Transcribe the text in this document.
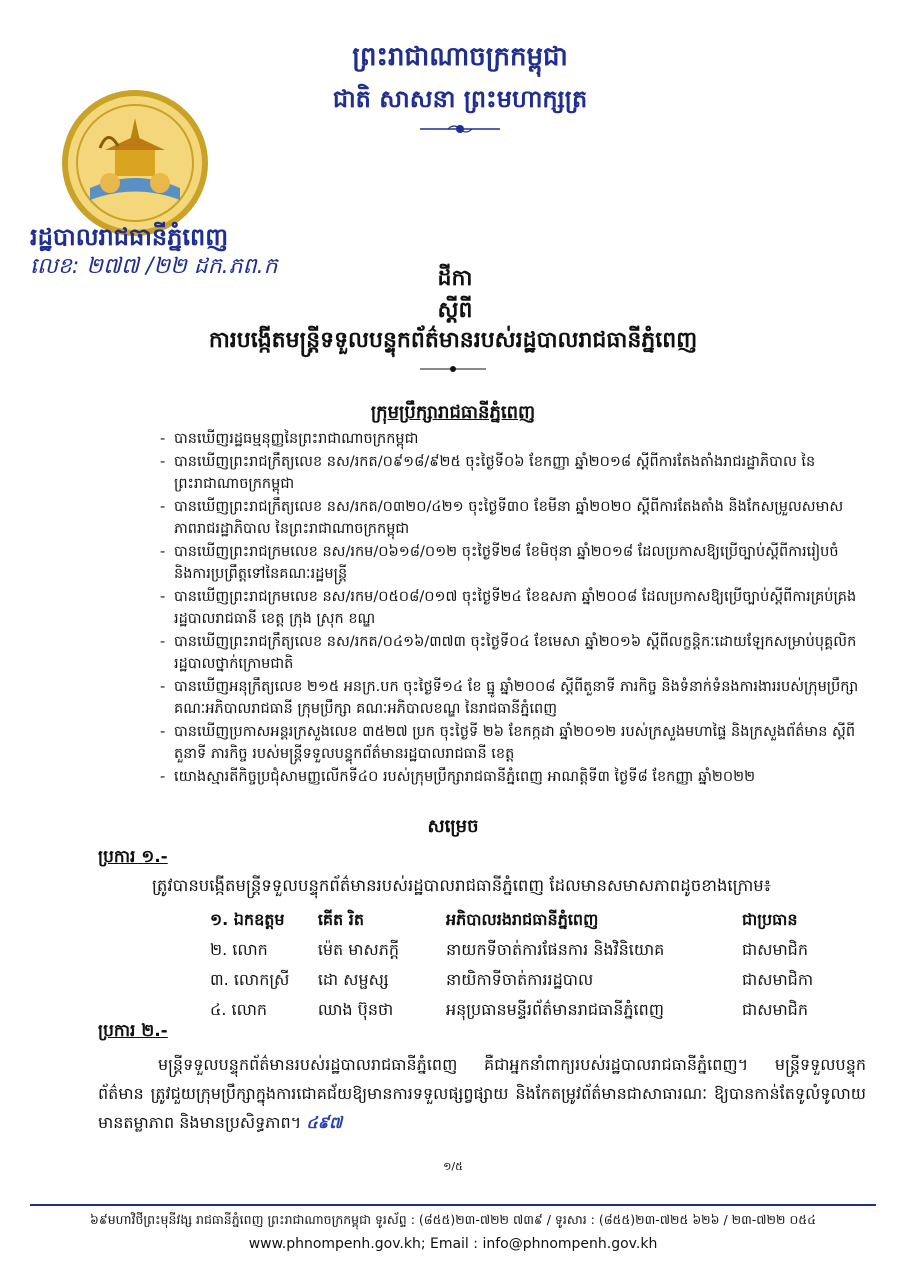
ព្រះរាជាណាចក្រកម្ពុជា
ជាតិ សាសនា ព្រះមហាក្សត្រ
រដ្ឋបាលរាជធានីភ្នំពេញ
លេខ: ២៧៧ /២២ ដក.ភព.ក	ដីកា
ស្តីពី
ការបង្កើតមន្ត្រីទទួលបន្ទុកព័ត៌មានរបស់រដ្ឋបាលរាជធានីភ្នំពេញ
ក្រុមប្រឹក្សារាជធានីភ្នំពេញ
- បានឃើញរដ្ឋធម្មនុញ្ញនៃព្រះរាជាណាចក្រកម្ពុជា
- បានឃើញព្រះរាជក្រឹត្យលេខ នស/រកត/០៩១៨/៩២៥ ចុះថ្ងៃទី០៦ ខែកញ្ញា ឆ្នាំ២០១៨ ស្តីពីការតែងតាំងរាជរដ្ឋាភិបាល នៃព្រះរាជាណាចក្រកម្ពុជា
- បានឃើញព្រះរាជក្រឹត្យលេខ នស/រកត/០៣២០/៤២១ ចុះថ្ងៃទី៣០ ខែមីនា ឆ្នាំ២០២០ ស្តីពីការតែងតាំង និងកែសម្រួលសមាសភាពរាជរដ្ឋាភិបាល នៃព្រះរាជាណាចក្រកម្ពុជា
- បានឃើញព្រះរាជក្រមលេខ នស/រកម/០៦១៨/០១២ ចុះថ្ងៃទី២៨ ខែមិថុនា ឆ្នាំ២០១៨ ដែលប្រកាសឱ្យប្រើច្បាប់ស្តីពីការរៀបចំ និងការប្រព្រឹត្តទៅនៃគណៈរដ្ឋមន្ត្រី
- បានឃើញព្រះរាជក្រមលេខ នស/រកម/០៥០៨/០១៧ ចុះថ្ងៃទី២៤ ខែឧសភា ឆ្នាំ២០០៨ ដែលប្រកាសឱ្យប្រើច្បាប់ស្តីពីការគ្រប់គ្រងរដ្ឋបាលរាជធានី ខេត្ត ក្រុង ស្រុក ខណ្ឌ
- បានឃើញព្រះរាជក្រឹត្យលេខ នស/រកត/០៤១៦/៣៧៣ ចុះថ្ងៃទី០៤ ខែមេសា ឆ្នាំ២០១៦ ស្តីពីលក្ខន្តិកៈដោយឡែកសម្រាប់បុគ្គលិករដ្ឋបាលថ្នាក់ក្រោមជាតិ
- បានឃើញអនុក្រឹត្យលេខ ២១៥ អនក្រ.បក ចុះថ្ងៃទី១៤ ខែ ធ្នូ ឆ្នាំ២០០៨ ស្តីពីតួនាទី ភារកិច្ច និងទំនាក់ទំនងការងាររបស់ក្រុមប្រឹក្សា គណៈអភិបាលរាជធានី ក្រុមប្រឹក្សា គណៈអភិបាលខណ្ឌ នៃរាជធានីភ្នំពេញ
- បានឃើញប្រកាសអន្តរក្រសួងលេខ ៣៥២៧ ប្រក ចុះថ្ងៃទី ២៦ ខែកក្កដា ឆ្នាំ២០១២ របស់ក្រសួងមហាផ្ទៃ និងក្រសួងព័ត៌មាន ស្តីពីតួនាទី ភារកិច្ច របស់មន្ត្រីទទួលបន្ទុកព័ត៌មានរដ្ឋបាលរាជធានី ខេត្ត
- យោងស្មារតីកិច្ចប្រជុំសាមញ្ញលើកទី៤០ របស់ក្រុមប្រឹក្សារាជធានីភ្នំពេញ អាណត្តិទី៣ ថ្ងៃទី៨ ខែកញ្ញា ឆ្នាំ២០២២
សម្រេច
ប្រការ ១.-
ត្រូវបានបង្កើតមន្ត្រីទទួលបន្ទុកព័ត៌មានរបស់រដ្ឋបាលរាជធានីភ្នំពេញ ដែលមានសមាសភាពដូចខាងក្រោម៖
១. ឯកឧត្តម	គើត រិត	អភិបាលរងរាជធានីភ្នំពេញ	ជាប្រធាន
២. លោក	ម៉េត មាសភក្តី	នាយកទីចាត់ការផែនការ និងវិនិយោគ	ជាសមាជិក
៣. លោកស្រី	ដោ សម្ផស្ស	នាយិកាទីចាត់ការរដ្ឋបាល	ជាសមាជិកា
៤. លោក	ឈាង ប៊ុនថា	អនុប្រធានមន្ទីរព័ត៌មានរាជធានីភ្នំពេញ	ជាសមាជិក
ប្រការ ២.-
មន្ត្រីទទួលបន្ទុកព័ត៌មានរបស់រដ្ឋបាលរាជធានីភ្នំពេញ គឺជាអ្នកនាំពាក្យរបស់រដ្ឋបាលរាជធានីភ្នំពេញ។ មន្ត្រីទទួលបន្ទុកព័ត៌មាន ត្រូវជួយក្រុមប្រឹក្សាក្នុងការជោគជ័យឱ្យមានការទទួលផ្សព្វផ្សាយ និងកែតម្រូវព័ត៌មានជាសាធារណៈ ឱ្យបានកាន់តែទូលំទូលាយ មានតម្លាភាព និងមានប្រសិទ្ធភាព។ ៤៩៧
១/៥
៦៩មហាវិថីព្រះមុនីវង្ស រាជធានីភ្នំពេញ ព្រះរាជាណាចក្រកម្ពុជា ទូរស័ព្ទ : (៨៥៥)២៣-៧២២ ៧៣៩ / ទូរសារ : (៨៥៥)២៣-៧២៥ ៦២៦ / ២៣-៧២២ ០៥៤
www.phnompenh.gov.kh; Email : info@phnompenh.gov.kh
